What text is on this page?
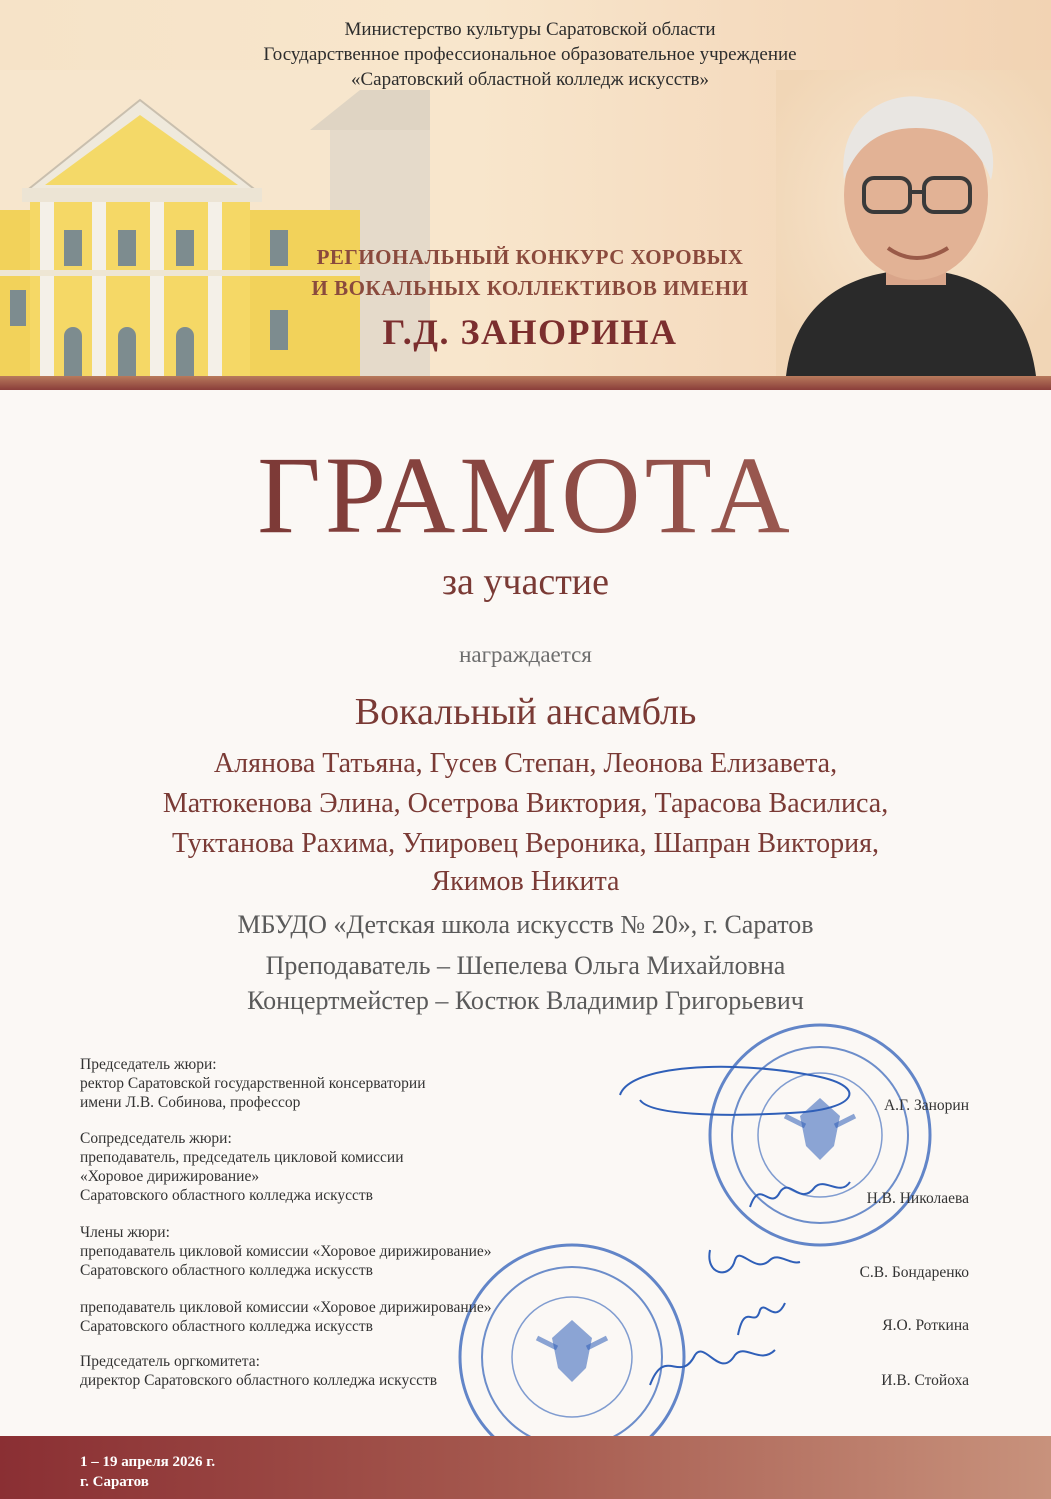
Министерство культуры Саратовской области
Государственное профессиональное образовательное учреждение
«Саратовский областной колледж искусств»
РЕГИОНАЛЬНЫЙ КОНКУРС ХОРОВЫХ
И ВОКАЛЬНЫХ КОЛЛЕКТИВОВ ИМЕНИ
Г.Д. ЗАНОРИНА
ГРАМОТА
за участие
награждается
Вокальный ансамбль
Алянова Татьяна, Гусев Степан, Леонова Елизавета,
Матюкенова Элина, Осетрова Виктория, Тарасова Василиса,
Туктанова Рахима, Упировец Вероника, Шапран Виктория,
Якимов Никита
МБУДО «Детская школа искусств № 20», г. Саратов
Преподаватель – Шепелева Ольга Михайловна
Концертмейстер – Костюк Владимир Григорьевич
Председатель жюри:
ректор Саратовской государственной консерватории
имени Л.В. Собинова, профессор	А.Г. Занорин
Сопредседатель жюри:
преподаватель, председатель цикловой комиссии
«Хоровое дирижирование»
Саратовского областного колледжа искусств	Н.В. Николаева
Члены жюри:
преподаватель цикловой комиссии «Хоровое дирижирование»
Саратовского областного колледжа искусств	С.В. Бондаренко
преподаватель цикловой комиссии «Хоровое дирижирование»
Саратовского областного колледжа искусств	Я.О. Роткина
Председатель оргкомитета:
директор Саратовского областного колледжа искусств	И.В. Стойоха
1 – 19 апреля 2026 г.
г. Саратов
